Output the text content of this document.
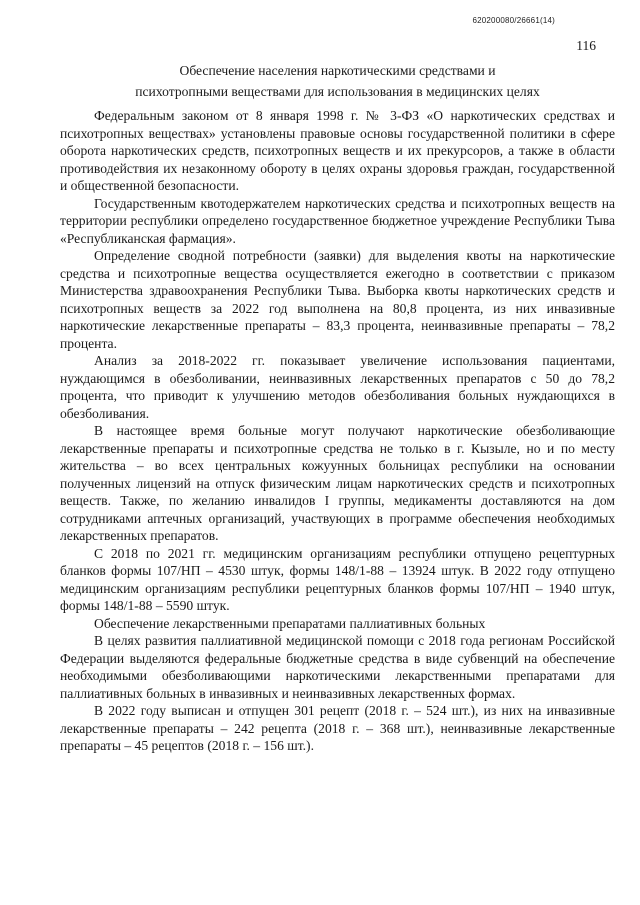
620200080/26661(14)
116
Обеспечение населения наркотическими средствами и
психотропными веществами для использования в медицинских целях

Федеральным законом от 8 января 1998 г. № 3-ФЗ «О наркотических средствах и психотропных веществах» установлены правовые основы государственной политики в сфере оборота наркотических средств, психотропных веществ и их прекурсоров, а также в области противодействия их незаконному обороту в целях охраны здоровья граждан, государственной и общественной безопасности.

Государственным квотодержателем наркотических средства и психотропных веществ на территории республики определено государственное бюджетное учреждение Республики Тыва «Республиканская фармация».

Определение сводной потребности (заявки) для выделения квоты на наркотические средства и психотропные вещества осуществляется ежегодно в соответствии с приказом Министерства здравоохранения Республики Тыва. Выборка квоты наркотических средств и психотропных веществ за 2022 год выполнена на 80,8 процента, из них инвазивные наркотические лекарственные препараты – 83,3 процента, неинвазивные препараты – 78,2 процента.

Анализ за 2018-2022 гг. показывает увеличение использования пациентами, нуждающимся в обезболивании, неинвазивных лекарственных препаратов с 50 до 78,2 процента, что приводит к улучшению методов обезболивания больных нуждающихся в обезболивания.

В настоящее время больные могут получают наркотические обезболивающие лекарственные препараты и психотропные средства не только в г. Кызыле, но и по месту жительства – во всех центральных кожуунных больницах республики на основании полученных лицензий на отпуск физическим лицам наркотических средств и психотропных веществ. Также, по желанию инвалидов I группы, медикаменты доставляются на дом сотрудниками аптечных организаций, участвующих в программе обеспечения необходимых лекарственных препаратов.

С 2018 по 2021 гг. медицинским организациям республики отпущено рецептурных бланков формы 107/НП – 4530 штук, формы 148/1-88 – 13924 штук. В 2022 году отпущено медицинским организациям республики рецептурных бланков формы 107/НП – 1940 штук, формы 148/1-88 – 5590 штук.

Обеспечение лекарственными препаратами паллиативных больных

В целях развития паллиативной медицинской помощи с 2018 года регионам Российской Федерации выделяются федеральные бюджетные средства в виде субвенций на обеспечение необходимыми обезболивающими наркотическими лекарственными препаратами для паллиативных больных в инвазивных и неинвазивных лекарственных формах.

В 2022 году выписан и отпущен 301 рецепт (2018 г. – 524 шт.), из них на инвазивные лекарственные препараты – 242 рецепта (2018 г. – 368 шт.), неинвазивные лекарственные препараты – 45 рецептов (2018 г. – 156 шт.).
